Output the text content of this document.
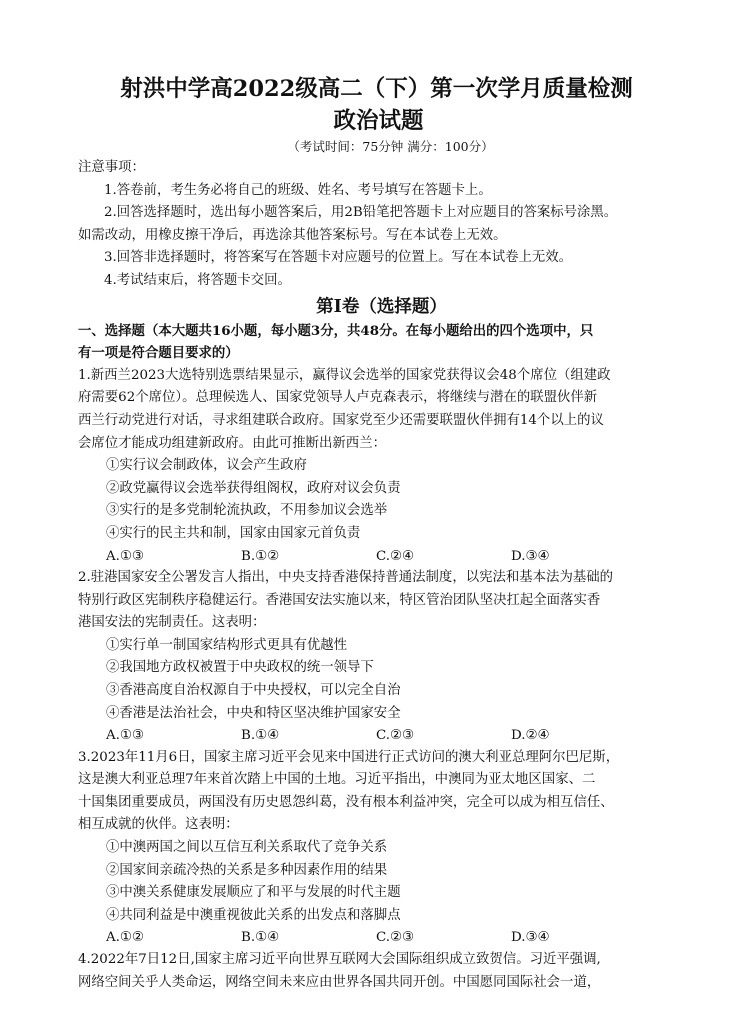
射洪中学高2022级高二（下）第一次学月质量检测
政治试题
（考试时间：75分钟 满分：100分）
注意事项：
1.答卷前，考生务必将自己的班级、姓名、考号填写在答题卡上。
2.回答选择题时，选出每小题答案后，用2B铅笔把答题卡上对应题目的答案标号涂黑。
如需改动，用橡皮擦干净后，再选涂其他答案标号。写在本试卷上无效。
3.回答非选择题时，将答案写在答题卡对应题号的位置上。写在本试卷上无效。
4.考试结束后，将答题卡交回。
第Ⅰ卷（选择题）
一、选择题（本大题共16小题，每小题3分，共48分。在每小题给出的四个选项中，只
有一项是符合题目要求的）
1.新西兰2023大选特别选票结果显示，赢得议会选举的国家党获得议会48个席位（组建政
府需要62个席位）。总理候选人、国家党领导人卢克森表示，将继续与潜在的联盟伙伴新
西兰行动党进行对话，寻求组建联合政府。国家党至少还需要联盟伙伴拥有14个以上的议
会席位才能成功组建新政府。由此可推断出新西兰：
①实行议会制政体，议会产生政府
②政党赢得议会选举获得组阁权，政府对议会负责
③实行的是多党制轮流执政，不用参加议会选举
④实行的民主共和制，国家由国家元首负责
A.①③	B.①②	C.②④	D.③④
2.驻港国家安全公署发言人指出，中央支持香港保持普通法制度，以宪法和基本法为基础的
特别行政区宪制秩序稳健运行。香港国安法实施以来，特区管治团队坚决扛起全面落实香
港国安法的宪制责任。这表明：
①实行单一制国家结构形式更具有优越性
②我国地方政权被置于中央政权的统一领导下
③香港高度自治权源自于中央授权，可以完全自治
④香港是法治社会，中央和特区坚决维护国家安全
A.①③	B.①④	C.②③	D.②④
3.2023年11月6日，国家主席习近平会见来中国进行正式访问的澳大利亚总理阿尔巴尼斯，
这是澳大利亚总理7年来首次踏上中国的土地。习近平指出，中澳同为亚太地区国家、二
十国集团重要成员，两国没有历史恩怨纠葛，没有根本利益冲突，完全可以成为相互信任、
相互成就的伙伴。这表明：
①中澳两国之间以互信互利关系取代了竞争关系
②国家间亲疏冷热的关系是多种因素作用的结果
③中澳关系健康发展顺应了和平与发展的时代主题
④共同利益是中澳重视彼此关系的出发点和落脚点
A.①②	B.①④	C.②③	D.③④
4.2022年7日12日,国家主席习近平向世界互联网大会国际组织成立致贺信。习近平强调,
网络空间关乎人类命运，网络空间未来应由世界各国共同开创。中国愿同国际社会一道，
